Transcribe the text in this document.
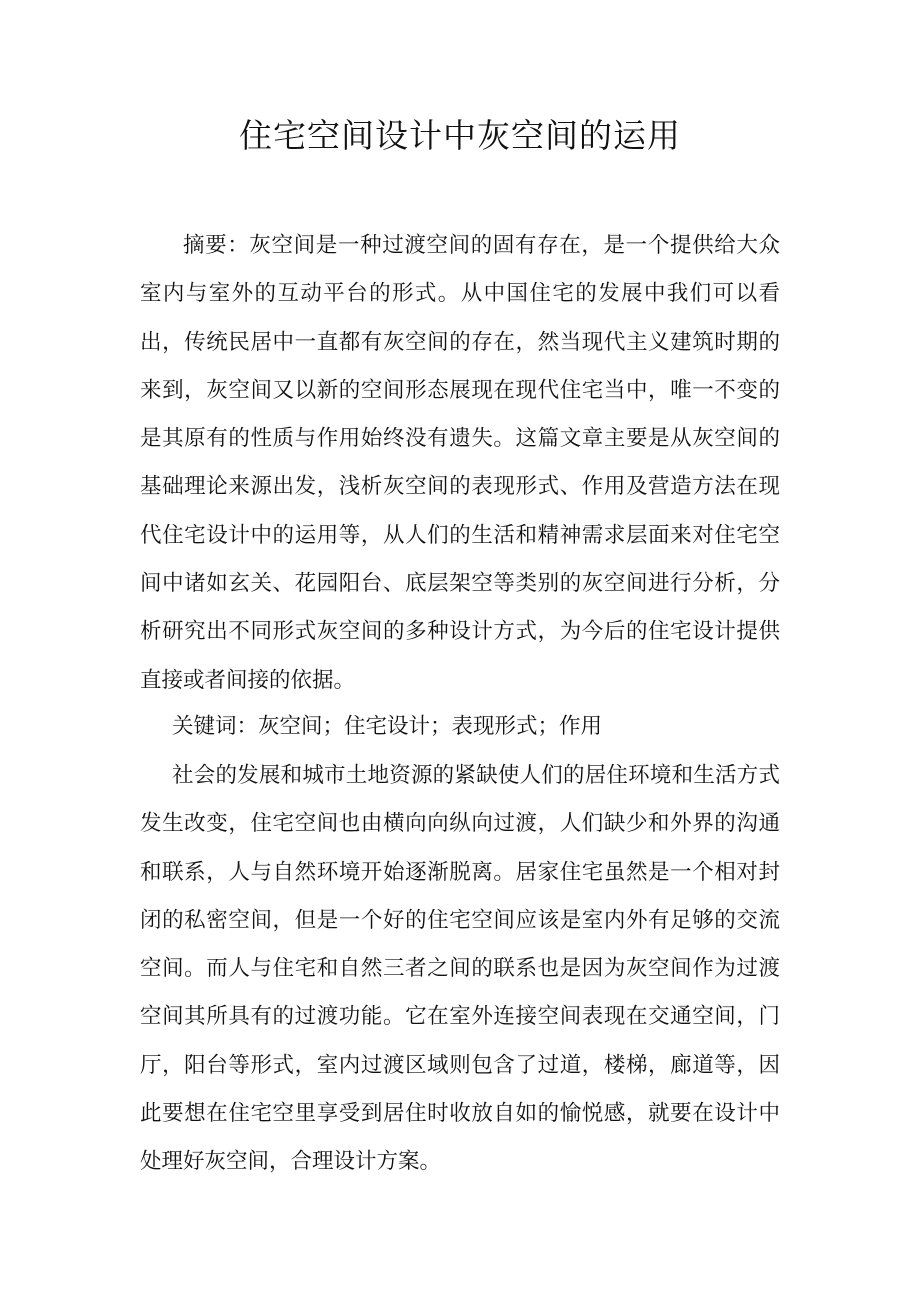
住宅空间设计中灰空间的运用

摘要：灰空间是一种过渡空间的固有存在，是一个提供给大众室内与室外的互动平台的形式。从中国住宅的发展中我们可以看出，传统民居中一直都有灰空间的存在，然当现代主义建筑时期的来到，灰空间又以新的空间形态展现在现代住宅当中，唯一不变的是其原有的性质与作用始终没有遗失。这篇文章主要是从灰空间的基础理论来源出发，浅析灰空间的表现形式、作用及营造方法在现代住宅设计中的运用等，从人们的生活和精神需求层面来对住宅空间中诸如玄关、花园阳台、底层架空等类别的灰空间进行分析，分析研究出不同形式灰空间的多种设计方式，为今后的住宅设计提供直接或者间接的依据。

关键词：灰空间；住宅设计；表现形式；作用

社会的发展和城市土地资源的紧缺使人们的居住环境和生活方式发生改变，住宅空间也由横向向纵向过渡，人们缺少和外界的沟通和联系，人与自然环境开始逐渐脱离。居家住宅虽然是一个相对封闭的私密空间，但是一个好的住宅空间应该是室内外有足够的交流空间。而人与住宅和自然三者之间的联系也是因为灰空间作为过渡空间其所具有的过渡功能。它在室外连接空间表现在交通空间，门厅，阳台等形式，室内过渡区域则包含了过道，楼梯，廊道等，因此要想在住宅空里享受到居住时收放自如的愉悦感，就要在设计中处理好灰空间，合理设计方案。
